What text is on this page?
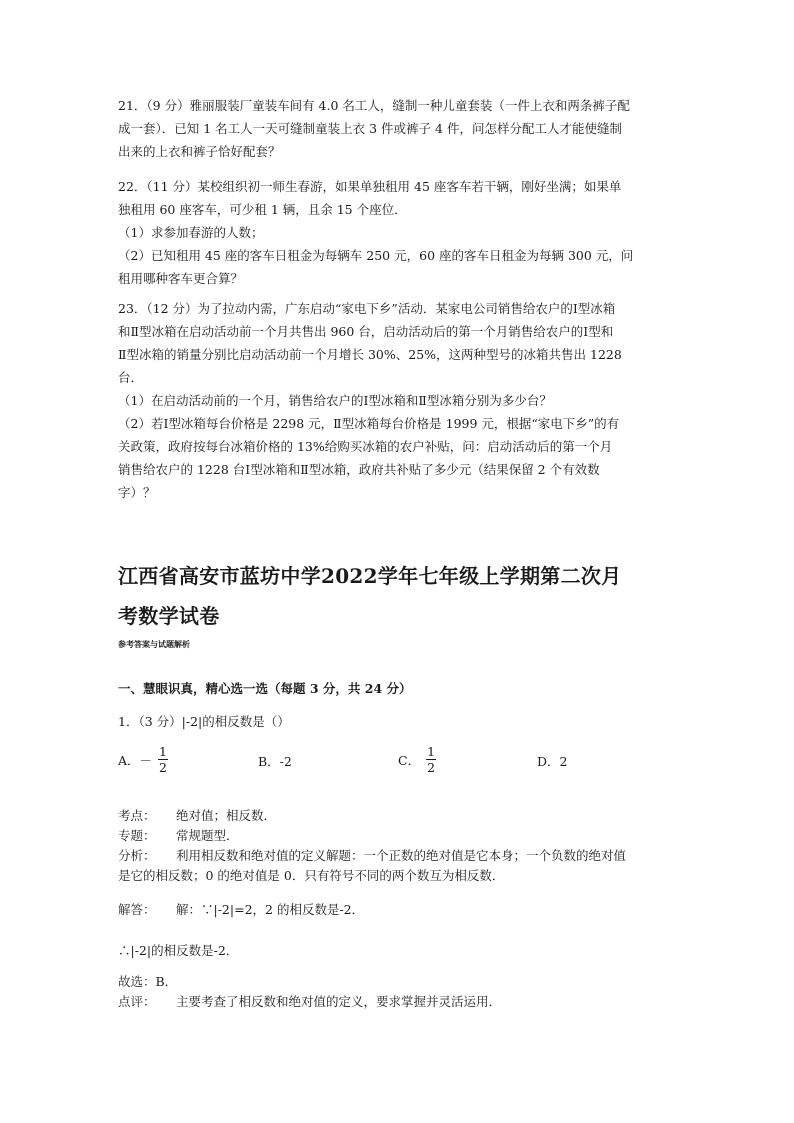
21．（9 分）雅丽服装厂童装车间有 4.0 名工人，缝制一种儿童套装（一件上衣和两条裤子配

成一套）．已知 1 名工人一天可缝制童装上衣 3 件或裤子 4 件，问怎样分配工人才能使缝制

出来的上衣和裤子恰好配套？

22．（11 分）某校组织初一师生春游，如果单独租用 45 座客车若干辆，刚好坐满；如果单

独租用 60 座客车，可少租 1 辆，且余 15 个座位．

（1）求参加春游的人数；

（2）已知租用 45 座的客车日租金为每辆车 250 元，60 座的客车日租金为每辆 300 元，问

租用哪种客车更合算？

23．（12 分）为了拉动内需，广东启动“家电下乡”活动．某家电公司销售给农户的Ⅰ型冰箱

和Ⅱ型冰箱在启动活动前一个月共售出 960 台，启动活动后的第一个月销售给农户的Ⅰ型和

Ⅱ型冰箱的销量分别比启动活动前一个月增长 30%、25%，这两种型号的冰箱共售出 1228

台．

（1）在启动活动前的一个月，销售给农户的Ⅰ型冰箱和Ⅱ型冰箱分别为多少台？

（2）若Ⅰ型冰箱每台价格是 2298 元，Ⅱ型冰箱每台价格是 1999 元，根据“家电下乡”的有

关政策，政府按每台冰箱价格的 13%给购买冰箱的农户补贴，问：启动活动后的第一个月

销售给农户的 1228 台Ⅰ型冰箱和Ⅱ型冰箱，政府共补贴了多少元（结果保留 2 个有效数

字）？

江西省高安市蓝坊中学2022学年七年级上学期第二次月
考数学试卷
参考答案与试题解析
一、慧眼识真，精心选一选（每题 3 分，共 24 分）
1．（3 分）|-2|的相反数是（）
A．－ $\frac{1}{2}$	B．-2	C． $\frac{1}{2}$	D．2
考点： 绝对值；相反数．
专题： 常规题型．
分析： 利用相反数和绝对值的定义解题：一个正数的绝对值是它本身；一个负数的绝对值
是它的相反数；0 的绝对值是 0．只有符号不同的两个数互为相反数．
解答： 解：∵|-2|=2，2 的相反数是-2．
∴|-2|的相反数是-2．
故选：B．
点评： 主要考查了相反数和绝对值的定义，要求掌握并灵活运用．
